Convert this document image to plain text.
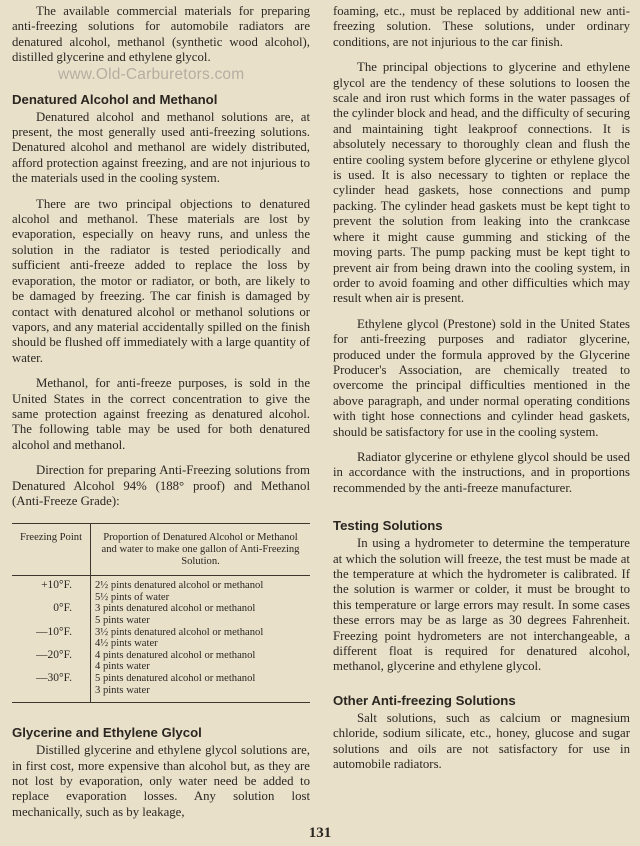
www.Old-Carburetors.com

The available commercial materials for preparing anti-freezing solutions for automobile radiators are denatured alcohol, methanol (synthetic wood alcohol), distilled glycerine and ethylene glycol.

Denatured Alcohol and Methanol

Denatured alcohol and methanol solutions are, at present, the most generally used anti-freezing solutions. Denatured alcohol and methanol are widely distributed, afford protection against freezing, and are not injurious to the materials used in the cooling system.

There are two principal objections to denatured alcohol and methanol. These materials are lost by evaporation, especially on heavy runs, and unless the solution in the radiator is tested periodically and sufficient anti-freeze added to replace the loss by evaporation, the motor or radiator, or both, are likely to be damaged by freezing. The car finish is damaged by contact with denatured alcohol or methanol solutions or vapors, and any material accidentally spilled on the finish should be flushed off immediately with a large quantity of water.

Methanol, for anti-freeze purposes, is sold in the United States in the correct concentration to give the same protection against freezing as denatured alcohol. The following table may be used for both denatured alcohol and methanol.

Direction for preparing Anti-Freezing solutions from Denatured Alcohol 94% (188° proof) and Methanol (Anti-Freeze Grade):

Freezing Point	Proportion of Denatured Alcohol or Methanol and water to make one gallon of Anti-Freezing Solution.
+10°F.	2½ pints denatured alcohol or methanol
5½ pints of water

0°F.	3 pints denatured alcohol or methanol
5 pints water

—10°F.	3½ pints denatured alcohol or methanol
4½ pints water

—20°F.	4 pints denatured alcohol or methanol
4 pints water

—30°F.	5 pints denatured alcohol or methanol
3 pints water
Glycerine and Ethylene Glycol

Distilled glycerine and ethylene glycol solutions are, in first cost, more expensive than alcohol but, as they are not lost by evaporation, only water need be added to replace evaporation losses. Any solution lost mechanically, such as by leakage,

foaming, etc., must be replaced by additional new anti-freezing solution. These solutions, under ordinary conditions, are not injurious to the car finish.

The principal objections to glycerine and ethylene glycol are the tendency of these solutions to loosen the scale and iron rust which forms in the water passages of the cylinder block and head, and the difficulty of securing and maintaining tight leakproof connections. It is absolutely necessary to thoroughly clean and flush the entire cooling system before glycerine or ethylene glycol is used. It is also necessary to tighten or replace the cylinder head gaskets, hose connections and pump packing. The cylinder head gaskets must be kept tight to prevent the solution from leaking into the crankcase where it might cause gumming and sticking of the moving parts. The pump packing must be kept tight to prevent air from being drawn into the cooling system, in order to avoid foaming and other difficulties which may result when air is present.

Ethylene glycol (Prestone) sold in the United States for anti-freezing purposes and radiator glycerine, produced under the formula approved by the Glycerine Producer's Association, are chemically treated to overcome the principal difficulties mentioned in the above paragraph, and under normal operating conditions with tight hose connections and cylinder head gaskets, should be satisfactory for use in the cooling system.

Radiator glycerine or ethylene glycol should be used in accordance with the instructions, and in proportions recommended by the anti-freeze manufacturer.

Testing Solutions

In using a hydrometer to determine the temperature at which the solution will freeze, the test must be made at the temperature at which the hydrometer is calibrated. If the solution is warmer or colder, it must be brought to this temperature or large errors may result. In some cases these errors may be as large as 30 degrees Fahrenheit. Freezing point hydrometers are not interchangeable, a different float is required for denatured alcohol, methanol, glycerine and ethylene glycol.

Other Anti-freezing Solutions

Salt solutions, such as calcium or magnesium chloride, sodium silicate, etc., honey, glucose and sugar solutions and oils are not satisfactory for use in automobile radiators.

131
